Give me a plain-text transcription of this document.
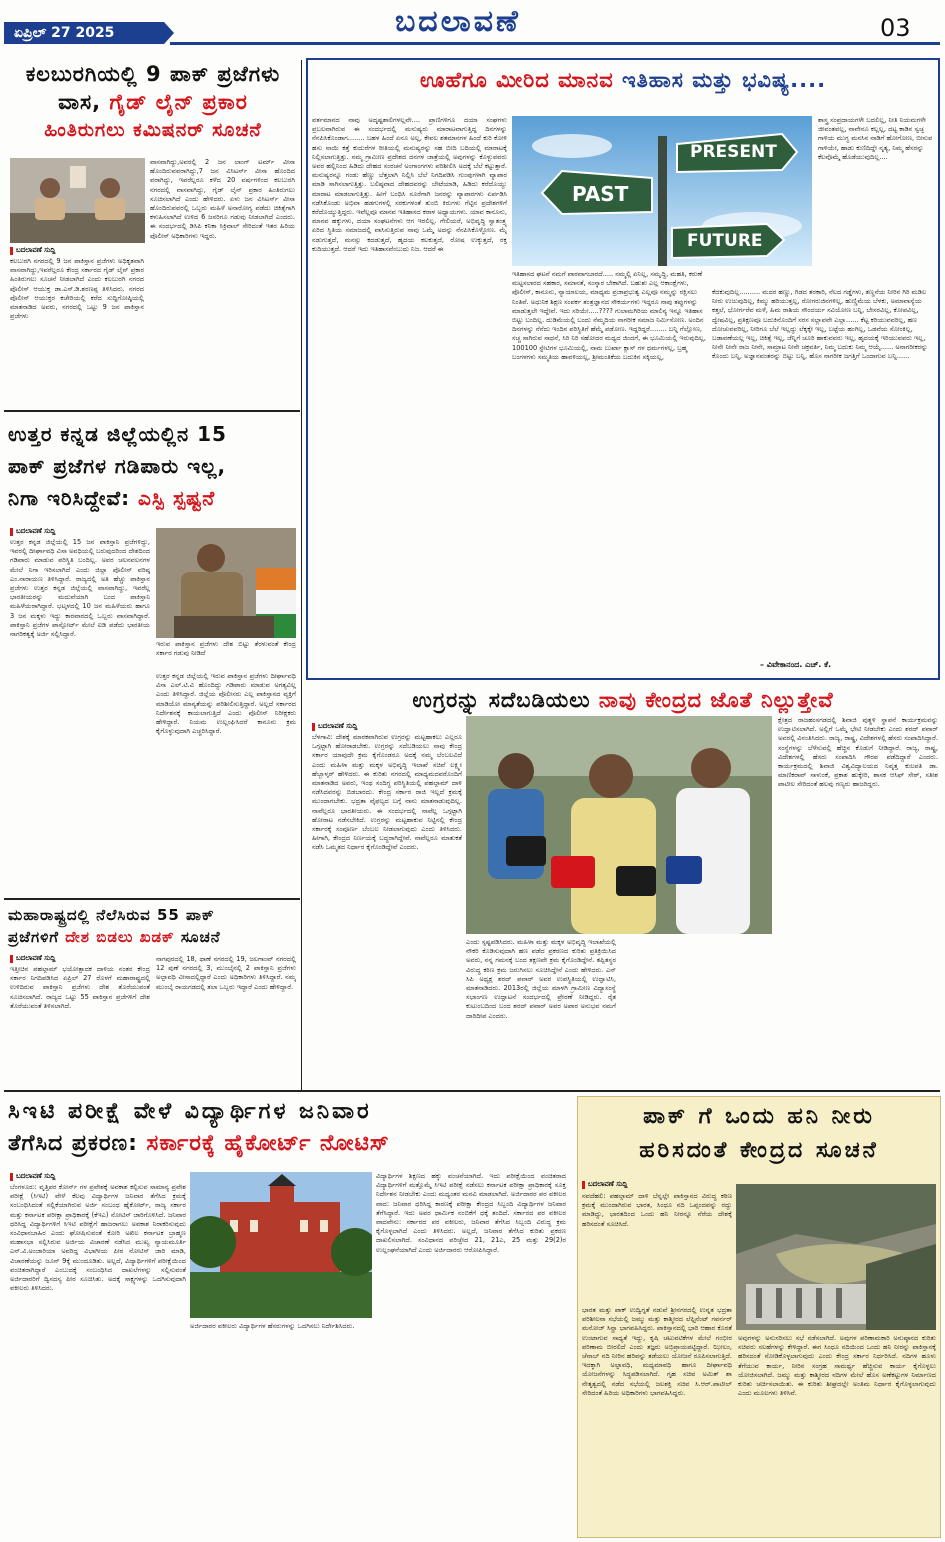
ಏಪ್ರಿಲ್ 27 2025	ಬದಲಾವಣೆ	03
ಕಲಬುರಗಿಯಲ್ಲಿ 9 ಪಾಕ್ ಪ್ರಜೆಗಳು
ವಾಸ, ಗೈಡ್ ಲೈನ್ ಪ್ರಕಾರ
ಹಿಂತಿರುಗಲು ಕಮಿಷನರ್ ಸೂಚನೆ
ವಾಸವಾಗಿದ್ದು,ಅವರಲ್ಲಿ 2 ಜನ ಲಾಂಗ್ ಟರ್ಮ್ ವೀಸಾ ಹೊಂದಿರುವವರಾಗಿದ್ದು,7 ಜನ ವಿಸಿಟರ್ಸ್ ವೀಸಾ ಹೊಂದಿದ ವರಾಗಿದ್ದು, ಇವರೆಲ್ಲರೂ ಕಳೆದ 20 ವರ್ಷಗಳಿಂದ ಕಲಬುರಗಿ ನಗರದಲ್ಲಿ ವಾಸವಾಗಿದ್ದು, ಗೈಡ್ ಲೈನ್ ಪ್ರಕಾರ ಹಿಂತಿರುಗಲು ಸೂಚಿಸಲಾಗಿದೆ ಎಂದು ಹೇಳಿದರು. ಏಳು ಜನ ವಿಸಿಟರ್ಸ್ ವೀಸಾ ಹೊಂದಿರುವವರಲ್ಲಿ ಒಬ್ಬರು ಮಹಿಳೆ ಅನಾರೋಗ್ಯ ಪಡೆದು ಚಿಕಿತ್ಸೆಗಾಗಿ ಕಳುಹಿಸಲಾಗಿದೆ ಉಳಿದ 6 ಜನರಿಗೂ ಗಡುವು ನೀಡಲಾಗಿದೆ ಎಂದರು. ಈ ಸಂದರ್ಭದಲ್ಲಿ ಡಿಸಿಪಿ ಕನಿಕಾ ಸಿಕ್ರಿವಾಲ್ ಸೇರಿದಂತೆ ಇತರ ಹಿರಿಯ ಪೊಲೀಸ್ ಅಧಿಕಾರಿಗಳು ಇದ್ದರು.
ಬದಲಾವಣೆ ಸುದ್ದಿ
ಕಲಬುರಗಿ ನಗರದಲ್ಲಿ 9 ಜನ ಪಾಕಿಸ್ತಾನ ಪ್ರಜೆಗಳು ಅಧಿಕೃತವಾಗಿ ವಾಸವಾಗಿದ್ದು,ಇವರೆಲ್ಲರೂ ಕೇಂದ್ರ ಸರ್ಕಾರದ ಗೈಡ್ ಲೈನ್ ಪ್ರಕಾರ ಹಿಂತಿರುಗಲು ಸೂಚನೆ ನೀಡಲಾಗಿದೆ ಎಂದು ಕಲಬುರಗಿ ನಗರದ ಪೊಲೀಸ್ ಆಯುಕ್ತ ಡಾ.ಎಸ್.ಡಿ.ಶರಣಪ್ಪ ತಿಳಿಸಿದರು. ನಗರದ ಪೊಲೀಸ್ ಆಯುಕ್ತರ ಕಚೇರಿಯಲ್ಲಿ ಕರೆದ ಸುದ್ದಿಗೋಷ್ಠಿಯಲ್ಲಿ ಮಾತನಾಡಿದ ಅವರು, ನಗರದಲ್ಲಿ ಒಟ್ಟು 9 ಜನ ಪಾಕಿಸ್ತಾನ ಪ್ರಜೆಗಳು
ಉತ್ತರ ಕನ್ನಡ ಜಿಲ್ಲೆಯಲ್ಲಿನ 15
ಪಾಕ್ ಪ್ರಜೆಗಳ ಗಡಿಪಾರು ಇಲ್ಲ,
ನಿಗಾ ಇರಿಸಿದ್ದೇವೆ: ಎಸ್ಪಿ ಸ್ಪಷ್ಟನೆ
ಬದಲಾವಣೆ ಸುದ್ದಿ
ಉತ್ತರ ಕನ್ನಡ ಜಿಲ್ಲೆಯಲ್ಲಿ 15 ಜನ ಪಾಕಿಸ್ತಾನಿ ಪ್ರಜೆಗಳಿದ್ದು, ಇವರಲ್ಲಿ ದೀರ್ಘಾವಧಿ ವಿಸಾ ಅವಧಿಯಲ್ಲಿ ಬರುವುದರಿಂದ ದೇಶದಿಂದ ಗಡಿಪಾರು ಮಾಡುವ ಪರಿಸ್ಥಿತಿ ಬಂದಿಲ್ಲ. ಅವರ ಚಲನವಲನಗಳ ಮೇಲೆ ನಿಗಾ ಇರಿಸಲಾಗಿದೆ ಎಂದು ಜಿಲ್ಲಾ ಪೊಲೀಸ್ ವರಿಷ್ಠ ಎಂ.ನಾರಾಯಣ ತಿಳಿಸಿದ್ದಾರೆ. ರಾಜ್ಯದಲ್ಲಿ ಅತಿ ಹೆಚ್ಚು ಪಾಕಿಸ್ತಾನ ಪ್ರಜೆಗಳು ಉತ್ತರ ಕನ್ನಡ ಜಿಲ್ಲೆಯಲ್ಲಿ ವಾಸವಾಗಿದ್ದು, ಇವರೆಲ್ಲ ಭಾರತೀಯರನ್ನು ಮದುವೆಯಾಗಿ ಬಂದ ಪಾಕಿಸ್ತಾನಿ ಮಹಿಳೆಯರಾಗಿದ್ದಾರೆ. ಭಟ್ಕಳದಲ್ಲಿ 10 ಜನ ಮಹಿಳೆಯರು ಹಾಗೂ 3 ಜನ ಮಕ್ಕಳು ಇದ್ದು ಕಾರವಾರದಲ್ಲಿ ಒಬ್ಬರು ವಾಸವಾಗಿದ್ದಾರೆ. ಪಾಕಿಸ್ತಾನಿ ಪ್ರಜೆಗಳ ಪಾಸ್ಪೋರ್ಟ್ ಮೇಲೆ ಐಡಿ ಪಡೆದು ಭಾರತೀಯ ನಾಗರಿಕತ್ವಕ್ಕೆ ಅರ್ಜಿ ಸಲ್ಲಿಸಿದ್ದಾರೆ.
ಇರುವ ಪಾಕಿಸ್ತಾನ ಪ್ರಜೆಗಳು ದೇಶ ಬಿಟ್ಟು ತೆರಳುವಂತೆ ಕೇಂದ್ರ ಸರ್ಕಾರ ಗಡುವು ನೀಡಿದೆ
ಉತ್ತರ ಕನ್ನಡ ಜಿಲ್ಲೆಯಲ್ಲಿ ಇರುವ ಪಾಕಿಸ್ತಾನ ಪ್ರಜೆಗಳು ದೀರ್ಘಾವಧಿ ವಿಸಾ ಎಲ್.ಟಿ.ವಿ ಹೊಂದಿದ್ದು ಗಡಿಪಾರು ಮಾಡುವ ಅಗತ್ಯವಿಲ್ಲ ಎಂದು ತಿಳಿಸಿದ್ದಾರೆ. ಜಿಲ್ಲೆಯ ಪೊಲೀಸರು ಎಲ್ಲ ಪಾಕಿಸ್ತಾನದ ವ್ಯಕ್ತಿಗೆ ಮಾಡಿಯೋ ಮಾನ್ಯತೆಯನ್ನು ಪರಿಶೀಲಿಸುತ್ತಿದ್ದಾರೆ. ಅಲ್ಲದೆ ಸರ್ಕಾರದ ನಿರ್ದೇಶನಕ್ಕೆ ಕಾಯಲಾಗುತ್ತಿದೆ ಎಂದು ಪೊಲೀಸ್ ನಿರೀಕ್ಷಕರು ಹೇಳಿದ್ದಾರೆ. ನಿಯಮ ಉಲ್ಲಂಘಿಸಿದರೆ ಕಾನೂನು ಕ್ರಮ ಕೈಗೊಳ್ಳುವುದಾಗಿ ಎಚ್ಚರಿಸಿದ್ದಾರೆ.
ಮಹಾರಾಷ್ಟ್ರದಲ್ಲಿ ನೆಲೆಸಿರುವ 55 ಪಾಕ್
ಪ್ರಜೆಗಳಿಗೆ ದೇಶ ಬಿಡಲು ಖಡಕ್ ಸೂಚನೆ
ಬದಲಾವಣೆ ಸುದ್ದಿ
ಇತ್ತೀಚಿನ ಪಹಲ್ಗಾಮ್ ಭಯೋತ್ಪಾದಕ ದಾಳಿಯ ನಂತರ ಕೇಂದ್ರ ಸರ್ಕಾರ ನಿಗದಿಪಡಿಸಿದ ಏಪ್ರಿಲ್ 27 ರೊಳಗೆ ಮಹಾರಾಷ್ಟ್ರದಲ್ಲಿ ಉಳಿದಿರುವ ಪಾಕಿಸ್ತಾನಿ ಪ್ರಜೆಗಳು ದೇಶ ತೊರೆಯುವಂತೆ ಸೂಚಿಸಲಾಗಿದೆ. ರಾಜ್ಯದ ಒಟ್ಟು 55 ಪಾಕಿಸ್ತಾನ ಪ್ರಜೆಗಳಿಗೆ ದೇಶ ತೊರೆಯುವಂತೆ ತಿಳಿಸಲಾಗಿದೆ.
ನಾಗಪುರದಲ್ಲಿ 18, ಥಾಣೆ ನಗರದಲ್ಲಿ 19, ಜಲಗಾಂವ್ ನಗರದಲ್ಲಿ 12 ಪುಣೆ ನಗರದಲ್ಲಿ 3, ಮುಂಬೈನಲ್ಲಿ 2 ಪಾಕಿಸ್ತಾನಿ ಪ್ರಜೆಗಳು ಅಲ್ಪಾವಧಿ ವೀಸಾದಲ್ಲಿದ್ದಾರೆ ಎಂದು ಅಧಿಕಾರಿಗಳು ತಿಳಿಸಿದ್ದಾರೆ. ನಮ್ಮ ಮುಂಬೈ ರಾಯಗಡದಲ್ಲಿ ತಲಾ ಒಬ್ಬರು ಇದ್ದಾರೆ ಎಂದು ಹೇಳಿದ್ದಾರೆ.
ಊಹೆಗೂ ಮೀರಿದ ಮಾನವ ಇತಿಹಾಸ ಮತ್ತು ಭವಿಷ್ಯ....
PRESENT
PAST
FUTURE
ವರ್ತಮಾನದ ನಾವು ಅದೃಷ್ಟಶಾಲಿಗಳಲ್ಲವೇ.... ಪ್ರಾಣಿಗಳಿಗೂ ದಯಾ ಸಂಘಗಳು ಪ್ರಬಲವಾಗಿರುವ ಈ ಸಂದರ್ಭದಲ್ಲಿ ಮನುಷ್ಯರು ಮಾರಾಟವಾಗುತ್ತಿದ್ದ ದಿನಗಳನ್ನು ನೆನಪಿಸಿಕೊಂಡಾಗ........ ಬಹಳ ಹಿಂದೆ ಏನೂ ಅಲ್ಲ, ಕೇವಲ ಶತಮಾನಗಳ ಹಿಂದೆ ಕುರಿ ಕೋಳಿ ಹಸು ನಾಯಿ ಕತ್ತೆ ಕುದುರೆಗಳ ರೀತಿಯಲ್ಲಿ ಮನುಷ್ಯರನ್ನು ಸಹ ಬೀದಿ ಬದಿಯಲ್ಲಿ ಮಾರಾಟಕ್ಕೆ ನಿಲ್ಲಿಸಲಾಗುತ್ತಿತ್ತು. ನಮ್ಮ ಗ್ರಾಮೀಣ ಪ್ರದೇಶದ ದನಗಳ ಜಾತ್ರೆಯಲ್ಲಿ ಅವುಗಳನ್ನು ಕೊಳ್ಳುವವರು ಅವರ ಹಲ್ಲಿನಿಂದ ಹಿಡಿದು ದೇಹದ ಸಂರಚನೆ ಅಂಗಾಂಗಗಳು ಪರಿಶೀಲಿಸಿ ಅದಕ್ಕೆ ಬೆಲೆ ಕಟ್ಟುತ್ತಾರೆ. ಮನುಷ್ಯರನ್ನೂ ಗಂಡು ಹೆಣ್ಣು ಬೆತ್ತಲಾಗಿ ನಿಲ್ಲಿಸಿ ಬೆಲೆ ನಿಗದಿಪಡಿಸಿ ಗುಂಪುಗಳಾಗಿ ವ್ಯಾಪಾರ ಮಾಡಿ ಸಾಗಿಸಲಾಗುತ್ತಿತ್ತು. ಬಲಿಷ್ಠವಾದ ದೇಹದವರನ್ನು ಬೇಟೆಯಾಡಿ, ಹಿಡಿದು ಕರೆದೊಯ್ದು ಮಾರಾಟ ಮಾಡಲಾಗುತ್ತಿತ್ತು. ಹೀಗೆ ಬಂಧಿಸಿ ಸೂರೆಗಾಗಿ ಜನರನ್ನು ವ್ಯಾಪಾರಗಳು ಏರ್ಪಡಿಸಿ ನಡೆಸಿಕೊಂಡು ಅಭಿವಾ ಹಡಗುಗಳಲ್ಲಿ ಸರಕುಗಳಂತೆ ತುಂಬಿ ಕಿರುಗಳು ಗೆಟ್ಟಿನ ಪ್ರದೇಶಗಳಿಗೆ ಕರೆದೊಯ್ಯುತ್ತಿದ್ದರು. ಇವೆಲ್ಲವೂ ಮಾನವ ಇತಿಹಾಸದ ಕರಾಳ ಅಧ್ಯಾಯಗಳು. ಯಾವ ಕಾನೂನು, ಮಾನವ ಹಕ್ಕುಗಳು, ದಯಾ ಸಂಘಟನೆಗಳು ಆಗ ಇರಲಿಲ್ಲ. ಗೇಲಿಯರೆ, ಅಭಿವೃದ್ಧಿ ಸ್ವಾತಂತ್ರ್ಯ ಏರಿದ ಸ್ಥಿತಿಯ ಸಮಾಜದಲ್ಲಿ ವಾಸಿಸುತ್ತಿರುವ ನಾವು ಒಮ್ಮೆ ಅದನ್ನು ನೆನಪಿಸಿಕೊಳ್ಳೋಣ. ಮೈ ನಡುಗುತ್ತದೆ, ಮನಸ್ಸು ಕದಡುತ್ತದೆ, ಹೃದಯ ಕಲಕುತ್ತದೆ, ರೋಷ ಉಕ್ಕುತ್ತದೆ, ರಕ್ತ ಕುದಿಯುತ್ತದೆ. ಆದರೆ ಇದು ಇತಿಹಾಸವೆಂಬುದು ನಿಜ. ಆದರೆ ಈ
ಇತಿಹಾಸದ ಘಟನೆ ನಮಗೆ ಪಾಠವಾಗಬಾರದೆ..... ನಮ್ಮಲ್ಲಿ ಏನಿಲ್ಲ, ಸಮೃದ್ಧಿ, ಮಹತಿ, ಕರುಣೆ ಮಟ್ಟಸಲಾರದ ಸಹಕಾರ, ಸಮಾನತೆ, ಸಂಸ್ಕಾರ ಬೇಕಾಗಿದೆ. ಬಹುಶಃ ಎಲ್ಲ ಆಕಾಂಕ್ಷೆಗಳು, ಪೊಲೀಸ್, ಕಾನೂನು, ನ್ಯಾಯಾಲಯ, ಮಾಧ್ಯಮ ಪ್ರಜಾಪ್ರಭುತ್ವ ಎಲ್ಲವೂ ನಮ್ಮನ್ನು ರಕ್ಷಿಸಲು ನಿಂತಿವೆ. ಅಧುನಿಕ ಶಿಕ್ಷಣ ಸಂಪರ್ಕ ತಂತ್ರಜ್ಞಾನದ ಸೌಕರ್ಯಗಳು ಇದ್ದರೂ ನಾವು ತಪ್ಪುಗಳನ್ನು ಮಾಡುತ್ತಲೇ ಇದ್ದೇವೆ. ಇದು ಸರಿಯೇ.....???? ಗುಲಾಮಗಿರಿಯ ಮಾಲಿನ್ಯ ಇನ್ನೂ ಇತಿಹಾಸ ಬಿಟ್ಟು ಬಂದಿಲ್ಲ. ದುಡಿಮೆಯಲ್ಲಿ ಬಂದು ನೆಮ್ಮದಿಯ ನಾಗರೀಕ ಸಮಾಜ ನಿರ್ಮಿಸೋಣ. ಅಂದಿನ ದಿನಗಳನ್ನು ನೆನೆದು ಇಂದಿನ ಪರಿಸ್ಥಿತಿಗೆ ಹೆಮ್ಮೆ ಪಡೋಣ. ಇದ್ದರಿದ್ದರೆ........ ಬನ್ನಿ ಗೆಲ್ಲೋಣ, ಸಚ್ಚ ಸಾಗಿರುವ ಸಾಧನೆ, ಸಿರಿ ನಿರಿ ಸಹೋದರ ಮಧ್ಯದ ಜಿಂದಗೆ, ಈ ಭೂಮಿಯಲ್ಲಿ ಇರುವುದಿಲ್ಲ, 100100 ಸ್ಟೇಟಿಗಳ ಭೂಮಿಯಲ್ಲಿ, ನಾಮ ಬುರ್ಖಾ ಕ್ಲಾಸ್ ಗಳ ಧರ್ಮಗಳಲ್ಲ, ಬ್ರಹ್ಮ ಬಂಗಳಗಳು ಸಮ್ಮತಿಯ ಹಾವಳಿಯಲ್ಲ, ಶ್ರೀಮಂತಿಕೆಯ ಬದುಕಿನ ಸಕ್ಕಿಯಲ್ಲ,
ಶಾಸ್ತ್ರ ಸಂಪ್ರದಾಯಗಳೇ ಬದಲಿಲ್ಲ, ನೀತಿ ನಿಯಮಗಳೇ ಜೀವಂತವಲ್ಲ, ನಾವೇನೂ ಕಲ್ಲಲ್ಲ, ದಟ್ಟ ಕಾಡಿನ ಸ್ವಚ್ಛ ಗಾಳಿಯ ಮುಗ್ಧ ಮನಸಿನ ನಾಡಿಗೆ ಹೋಗೋಣ, ಬೀಸುವ ಗಾಳಿಯೇ, ಹಾಡು ಕುಣಿದಿದ್ದೇ ನೃತ್ಯ, ನಿಮ್ಮ ಹೆಸರನ್ನು ಕೆಲವೊಮ್ಮೆ ಹೊಡೆಯುವುದಿಲ್ಲ....
ಕೆದಕುವುದಿಲ್ಲ.......... ಮದರ ಹಣ್ಣು, ಗಿಡದ ತರಕಾರಿ, ನೆಲದ ಗಡ್ಡೆಗಳು, ತಣ್ಣನೆಯ ನೀರಿನ ಗಿರಿ ಮಡಿಲ ನೀರು ಉಜುವುದಿಲ್ಲ, ಕಿಮ್ಮು ಹರಿಯುತ್ತಲ್ಲ, ರೋಗರುಜಿನಗಳಿಲ್ಲ, ಹುಣ್ಣಿಮೆಯ ಬೆಳಕು, ಅಮಾವಾಸ್ಯೆಯ ಕತ್ತಲೆ, ಭೋರ್ಗರೆವ ಮಳೆ, ಹಿಮ ರಾಶಿಯ ಸೌಂದರ್ಯ ಸವಿಯೋಣ ಬನ್ನಿ, ಬೇಸರವಿಲ್ಲ, ಕೋಪವಿಲ್ಲ, ದ್ವೇಷವಿಲ್ಲ, ಪ್ರತಿಕ್ಷಣವೂ ಬದುಕಿನೊಂದಿಗೆ ಸರಸ ಸಲ್ಲಾಪವೇ ಎಲ್ಲಾ...... ಕೆಟ್ಟ ಕರಿಯುವವರಿಲ್ಲ, ಹಣ ದೋಚುವವರಿಲ್ಲ, ನೀರಿಗೂ ಬೆಲೆ ಇಲ್ಲದ್ದು ಲೆಕ್ಕಕ್ಕೇ ಇಲ್ಲ, ಬಟ್ಟೆಯ ಹಂಗಿಲ್ಲ, ಒಡವೆಯ ಸೋಂಕಿಲ್ಲ, ಬಡಾವಣೆಯಲ್ಲ ಇಲ್ಲ, ಚಿಕಿತ್ಸೆ ಇಲ್ಲ, ಜೆನ್ನಿಗೆ ಚೂರಿ ಹಾಕುವವರು ಇಲ್ಲ, ಹೃದಯಕ್ಕೆ ಇರಿಯುವವರು ಇಲ್ಲ, ನೀನೇ ನೀನೇ ರಾಜ ನೀನೇ, ಸಾಮ್ರಾಟ ನೀನೇ ಚಕ್ರವರ್ತಿ, ನಿಮ್ಮ ಬದುಕು ನಿಮ್ಮ ಆಯ್ಕೆ...... ಅನಾಗರೀಕರನ್ನು ಕೊಂದು ಬನ್ನಿ, ಅಜ್ಞಾನವಂತರನ್ನು ಬಿಟ್ಟು ಬನ್ನಿ, ಹೊಸ ನಾಗರೀಕ ಜಗತ್ತಿಗೆ ಒಂದಾಗುವ ಬನ್ನಿ......
– ವಿವೇಕಾನಂದ. ಎಚ್. ಕೆ.
ಉಗ್ರರನ್ನು ಸದೆಬಡಿಯಲು ನಾವು ಕೇಂದ್ರದ ಜೊತೆ ನಿಲ್ಲುತ್ತೇವೆ
ಬದಲಾವಣೆ ಸುದ್ದಿ
ಬೆಳಗಾವಿ: ದೇಶಕ್ಕೆ ಮಾರಕವಾಗಿರುವ ಉಗ್ರರನ್ನು ಮಟ್ಟಹಾಕಲು ಎಲ್ಲರೂ ಒಗ್ಗಟ್ಟಾಗಿ ಹೋರಾಡಬೇಕು. ಉಗ್ರರನ್ನು ಸದೆಬಡಿಯಲು ನಾವು ಕೇಂದ್ರ ಸರ್ಕಾರ ಯಾವುದೇ ಕ್ರಮ ಕೈಗೊಂಡರೂ ಅದಕ್ಕೆ ನಮ್ಮ ಬೆಂಬಲವಿದೆ ಎಂದು ಮಹಿಳಾ ಮತ್ತು ಮಕ್ಕಳ ಅಭಿವೃದ್ಧಿ ಇಲಾಖೆ ಸಚಿವೆ ಲಕ್ಷ್ಮೀ ಹೆಬ್ಬಾಳ್ಕರ್ ಹೇಳಿದರು. ಈ ಕುರಿತು ನಗರದಲ್ಲಿ ಮಾಧ್ಯಮದವರೊಂದಿಗೆ ಮಾತನಾಡಿದ ಅವರು, ಇಂಥ ಸಂದಿಗ್ಧ ಪರಿಸ್ಥಿತಿಯಲ್ಲಿ ಪಹಲ್ಗಾಮ್ ದಾಳಿ ನಡೆಸಿದವರನ್ನು ಬಿಡಬಾರದು. ಕೇಂದ್ರ ಸರ್ಕಾರ ರಾಜಿ ಇಲ್ಲದೆ ಕ್ರಮಕ್ಕೆ ಮುಂದಾಗಬೇಕು. ಭದ್ರತಾ ವೈಫಲ್ಯದ ಬಗ್ಗೆ ನಾನು ಮಾತನಾಡುವುದಿಲ್ಲ. ನಾವೆಲ್ಲರೂ ಭಾರತೀಯರು. ಈ ಸಂದರ್ಭದಲ್ಲಿ ನಾವೆಲ್ಲ ಒಗ್ಗಟ್ಟಾಗಿ ಹೋರಾಟ ನಡೆಸಬೇಕಿದೆ. ಉಗ್ರರನ್ನು ಮಟ್ಟಹಾಕುವ ನಿಟ್ಟಿನಲ್ಲಿ ಕೇಂದ್ರ ಸರ್ಕಾರಕ್ಕೆ ಸಂಪೂರ್ಣ ಬೆಂಬಲ ನೀಡಲಾಗುವುದು ಎಂದು ತಿಳಿಸಿದರು. ಹೀಗಾಗಿ, ಕೇಂದ್ರದ ನಿರ್ಣಯಕ್ಕೆ ಬದ್ಧರಾಗಿದ್ದೇವೆ. ನಾವೆಲ್ಲರೂ ಮಾತುಕತೆ ನಡೆಸಿ ಒಮ್ಮತದ ನಿರ್ಧಾರ ಕೈಗೊಂಡಿದ್ದೇವೆ ಎಂದರು.
ಎಂದು ಸ್ಪಷ್ಟಪಡಿಸಿದರು. ಮಹಿಳಾ ಮತ್ತು ಮಕ್ಕಳ ಅಭಿವೃದ್ಧಿ ಇಲಾಖೆಯಲ್ಲಿ ನೌಕರಿ ಕೊಡಿಸುವುದಾಗಿ ಹಣ ಪಡೆದ ಪ್ರಕರಣದ ಕುರಿತು ಪ್ರತಿಕ್ರಿಯಿಸಿದ ಅವರು, ನನ್ನ ಗಮನಕ್ಕೆ ಬಂದ ತಕ್ಷಣವೇ ಕ್ರಮ ಕೈಗೊಂಡಿದ್ದೇನೆ. ತಪ್ಪಿತಸ್ಥರ ವಿರುದ್ಧ ಕಠಿಣ ಕ್ರಮ ಜರುಗಿಸಲು ಸೂಚಿಸಿದ್ದೇನೆ ಎಂದು ಹೇಳಿದರು. ಎನ್ ಸಿಪಿ ಅಧ್ಯಕ್ಷ ಶರದ್ ಪವಾರ್ ಅವರ ಉಪಸ್ಥಿತಿಯಲ್ಲಿ ಉದ್ಘಾಟಿಸಿ, ಮಾತನಾಡಿದರು. 2013ರಲ್ಲಿ ಜಿಲ್ಲೆಯ ಮಾಳಗಿ ಗ್ರಾಮೀಣ ವಿದ್ಯಾಸಂಸ್ಥೆ ಸಭಾಂಗಣ ಉದ್ಘಾಟನೆ ಸಂದರ್ಭದಲ್ಲಿ ಪ್ರೇರಣೆ ನೀಡಿದ್ದರು. ರೈತ ಕುಟುಂಬದಿಂದ ಬಂದ ಶರದ್ ಪವಾರ್ ಅವರ ಅಪಾರ ಅನುಭವ ನಮಗೆ ದಾರಿದೀಪ ಎಂದರು.
ಕ್ಷೇತ್ರದ ರಾಜಹಂಸಗಡದಲ್ಲಿ ಶಿವಾಜಿ ಪುತ್ಥಳಿ ಸ್ಥಾಪನೆ ಕಾರ್ಯಕ್ರಮವನ್ನು ಉದ್ಘಾಟಿಸಲಾಗಿದೆ. ಅಲ್ಲಿಗೆ ಒಮ್ಮೆ ಭೇಟಿ ನೀಡಬೇಕು ಎಂದು ಶರದ್ ಪವಾರ್ ಅವರಲ್ಲಿ ವಿನಂತಿಸಿದರು. ರಾಜ್ಯ, ರಾಷ್ಟ್ರ, ವಿದೇಶಗಳಲ್ಲಿ ಹೆಸರು ಸಂಪಾದಿಸಿದ್ದಾರೆ. ಸಂಸ್ಥೆಗಳನ್ನು ಬೆಳೆಸುವಲ್ಲಿ ಹೆಚ್ಚಿನ ಕೊಡುಗೆ ನೀಡಿದ್ದಾರೆ. ರಾಜ್ಯ, ರಾಷ್ಟ್ರ, ವಿದೇಶಗಳಲ್ಲಿ ಹೆಸರು ಸಂಪಾದಿಸಿ ಗೌರವ ಪಡೆದಿದ್ದಾರೆ ಎಂದರು. ಕಾರ್ಯಕ್ರಮದಲ್ಲಿ ಶಿವಾಜಿ ವಿಶ್ವವಿದ್ಯಾಲಯದ ನಿವೃತ್ತ ಕುಲಪತಿ ಡಾ. ಮಾಣಿಕರಾವ್ ಸಾಳುಂಕೆ, ಪ್ರಕಾಶ ಹುಕ್ಕೇರಿ, ಶಾಸಕ ಆಸಿಫ್ ಸೇಠ್, ಸತೀಶ ಪಾಟೀಲ ಸೇರಿದಂತೆ ಹಲವು ಗಣ್ಯರು ಹಾಜರಿದ್ದರು.
ಸಿಇಟಿ ಪರೀಕ್ಷೆ ವೇಳೆ ವಿದ್ಯಾರ್ಥಿಗಳ ಜನಿವಾರ
ತೆಗೆಸಿದ ಪ್ರಕರಣ: ಸರ್ಕಾರಕ್ಕೆ ಹೈಕೋರ್ಟ್ ನೋಟಿಸ್
ಬದಲಾವಣೆ ಸುದ್ದಿ
ಬೆಂಗಳೂರು: ವೃತ್ತಿಪರ ಕೋರ್ಸ್ ಗಳ ಪ್ರವೇಶಕ್ಕೆ ಅವಕಾಶ ಕಲ್ಪಿಸುವ ಸಾಮಾನ್ಯ ಪ್ರವೇಶ ಪರೀಕ್ಷೆ (ಸಿಇಟಿ) ವೇಳೆ ಕೆಲವು ವಿದ್ಯಾರ್ಥಿಗಳ ಜನಿವಾರ ತೆಗೆಸಿದ ಕ್ರಮಕ್ಕೆ ಸಂಬಂಧಿಸಿದಂತೆ ಸಲ್ಲಿಕೆಯಾಗಿರುವ ಅರ್ಜಿ ಸಂಬಂಧ ಹೈಕೋರ್ಟ್, ರಾಜ್ಯ ಸರ್ಕಾರ ಮತ್ತು ಕರ್ನಾಟಕ ಪರೀಕ್ಷಾ ಪ್ರಾಧಿಕಾರಕ್ಕೆ (ಕೆಇಎ) ನೋಟಿಸ್ ಜಾರಿಗೊಳಿಸಿದೆ. ಜನಿವಾರ ಧರಿಸಿದ್ದ ವಿದ್ಯಾರ್ಥಿಗಳಿಗೆ ಸಿಇಟಿ ಪರೀಕ್ಷೆಗೆ ಹಾಜರಾಗಲು ಅವಕಾಶ ನಿರಾಕರಿಸುವುದು ಸಂವಿಧಾನಬಾಹಿರ ಎಂದು ಘೋಷಿಸುವಂತೆ ಕೋರಿ ಅಖಿಲ ಕರ್ನಾಟಕ ಬ್ರಾಹ್ಮಣ ಮಹಾಸಭಾ ಸಲ್ಲಿಸಿರುವ ಅರ್ಜಿಯ ವಿಚಾರಣೆ ನಡೆಸಿದ ಮುಖ್ಯ ನ್ಯಾಯಮೂರ್ತಿ ಎನ್.ವಿ.ಅಂಜಾರಿಯಾ ಅವರಿದ್ದ ವಿಭಾಗೀಯ ಪೀಠ ನೋಟಿಸ್ ಜಾರಿ ಮಾಡಿ, ವಿಚಾರಣೆಯನ್ನು ಜೂನ್ 9ಕ್ಕೆ ಮುಂದೂಡಿತು. ಅಲ್ಲದೆ, ವಿದ್ಯಾರ್ಥಿಗಳಿಗೆ ಪರೀಕ್ಷೆಯಿಂದ ವಂಚಿತರಾಗಿದ್ದಾರೆ ಎಂಬುದಕ್ಕೆ ಸಂಬಂಧಿಸಿದ ದಾಖಲೆಗಳನ್ನು ಸಲ್ಲಿಸುವಂತೆ ಅರ್ಜಿದಾರರಿಗೆ ದ್ವಿಸದಸ್ಯ ಪೀಠ ಸೂಚಿಸಿತು. ಅದಕ್ಕೆ ಸಾಕ್ಷ್ಯಗಳನ್ನು ಒದಗಿಸುವುದಾಗಿ ವಕೀಲರು ತಿಳಿಸಿದರು.
ಅರ್ಜಿದಾರರ ವಕೀಲರು ವಿದ್ಯಾರ್ಥಿಗಳ ಹೆಸರುಗಳನ್ನು ಒದಗಿಸಲು ನಿರ್ದೇಶಿಸಿದರು.
ವಿದ್ಯಾರ್ಥಿಗಳ ಶಿಕ್ಷಣದ ಹಕ್ಕು ವಂಚನೆಯಾಗಿದೆ. ಇದು ಪರೀಕ್ಷೆಯಿಂದ ವಂಚಿತರಾದ ವಿದ್ಯಾರ್ಥಿಗಳಿಗೆ ಮತ್ತೊಮ್ಮೆ ಸಿಇಟಿ ಪರೀಕ್ಷೆ ನಡೆಸಲು ಕರ್ನಾಟಕ ಪರೀಕ್ಷಾ ಪ್ರಾಧಿಕಾರಕ್ಕೆ ಸೂಕ್ತ ನಿರ್ದೇಶನ ನೀಡಬೇಕು ಎಂದು ಮಧ್ಯಂತರ ಮನವಿ ಮಾಡಲಾಗಿದೆ. ಅರ್ಜಿದಾರರ ಪರ ವಕೀಲರ ವಾದ: ಜನಿವಾರ ಧರಿಸಿದ್ದ ಕಾರಣಕ್ಕೆ ಪರೀಕ್ಷಾ ಕೇಂದ್ರದ ಸಿಬ್ಬಂದಿ ವಿದ್ಯಾರ್ಥಿಗಳ ಜನಿವಾರ ತೆಗೆಸಿದ್ದಾರೆ. ಇದು ಅವರ ಧಾರ್ಮಿಕ ನಂಬಿಕೆಗೆ ಧಕ್ಕೆ ತಂದಿದೆ. ಸರ್ಕಾರದ ಪರ ವಕೀಲರ ವಾದವೇನು: ಸರ್ಕಾರದ ಪರ ವಕೀಲರು, ಜನಿವಾರ ತೆಗೆಸಿದ ಸಿಬ್ಬಂದಿ ವಿರುದ್ಧ ಕ್ರಮ ಕೈಗೊಳ್ಳಲಾಗಿದೆ ಎಂದು ತಿಳಿಸಿದರು. ಅಲ್ಲದೆ, ಜನಿವಾರ ತೆಗೆಸಿದ ಕುರಿತು ಪ್ರಕರಣ ದಾಖಲಿಸಲಾಗಿದೆ. ಸಂವಿಧಾನದ ಪರಿಚ್ಛೇದ 21, 21ಎ, 25 ಮತ್ತು 29(2)ರ ಉಲ್ಲಂಘನೆಯಾಗಿದೆ ಎಂದು ಅರ್ಜಿದಾರರು ಆರೋಪಿಸಿದ್ದಾರೆ.
ಪಾಕ್ ಗೆ ಒಂದು ಹನಿ ನೀರು
ಹರಿಸದಂತೆ ಕೇಂದ್ರದ ಸೂಚನೆ
ಬದಲಾವಣೆ ಸುದ್ದಿ
ನವದೆಹಲಿ: ಪಹಲ್ಗಾಮ್ ದಾಳಿ ಬೆನ್ನಲ್ಲೇ ಪಾಕಿಸ್ತಾನದ ವಿರುದ್ಧ ಕಠಿಣ ಕ್ರಮಕ್ಕೆ ಮುಂದಾಗಿರುವ ಭಾರತ, ಸಿಂಧೂ ನದಿ ಒಪ್ಪಂದವನ್ನು ರದ್ದು ಮಾಡಿದ್ದು, ಭಾರತದಿಂದ ಒಂದು ಹನಿ ನೀರನ್ನೂ ನೆರೆಯ ದೇಶಕ್ಕೆ ಹರಿಸದಂತೆ ಸೂಚಿಸಿದೆ.
ಭಾರತ ಮತ್ತು ಪಾಕ್ ಉದ್ವಿಗ್ನತೆ ನಡುವೆ ಶ್ರೀನಗರದಲ್ಲಿ ಉನ್ನತ ಭದ್ರತಾ ಪರಿಶೀಲನಾ ಸಭೆಯಲ್ಲಿ ಜಮ್ಮು ಮತ್ತು ಕಾಶ್ಮೀರದ ಲೆಫ್ಟಿನೆಂಟ್ ಗವರ್ನರ್ ಮನೋಜ್ ಸಿನ್ಹಾ ಭಾಗವಹಿಸಿದ್ದರು. ಪಾಕಿಸ್ತಾನದಲ್ಲಿ ಭಾರಿ ಆಹಾರ ಕೊರತೆ ಉಂಟಾಗುವ ಸಾಧ್ಯತೆ ಇದ್ದು, ಕೃಷಿ ಚಟುವಟಿಕೆಗಳ ಮೇಲೆ ಗಂಭೀರ ಪರಿಣಾಮ ಬೀರಲಿದೆ ಎಂದು ತಜ್ಞರು ಅಭಿಪ್ರಾಯಪಟ್ಟಿದ್ದಾರೆ. ಝೀಲಂ, ಚೆನಾಬ್ ನದಿ ನೀರಿನ ಹರಿವನ್ನು ತಡೆಯಲು ಯೋಜನೆ ರೂಪಿಸಲಾಗುತ್ತಿದೆ. ಇದಕ್ಕಾಗಿ ಅಲ್ಪಾವಧಿ, ಮಧ್ಯಮಾವಧಿ ಹಾಗೂ ದೀರ್ಘಾವಧಿ ಯೋಜನೆಗಳನ್ನು ಸಿದ್ಧಪಡಿಸಲಾಗಿದೆ. ಗೃಹ ಸಚಿವ ಅಮಿತ್ ಶಾ ನೇತೃತ್ವದಲ್ಲಿ ನಡೆದ ಸಭೆಯಲ್ಲಿ ಜಲಶಕ್ತಿ ಸಚಿವ ಸಿ.ಆರ್.ಪಾಟೀಲ್ ಸೇರಿದಂತೆ ಹಿರಿಯ ಅಧಿಕಾರಿಗಳು ಭಾಗವಹಿಸಿದ್ದರು.
ಅವುಗಳನ್ನು ಅನುಸರಿಸಲು ಸಭೆ ನಡೆಸಲಾಗಿದೆ. ಅವುಗಳ ಪರಿಣಾಮಕಾರಿ ಅನುಷ್ಠಾನದ ಕುರಿತು ಸಚಿವರು ಸಲಹೆಗಳನ್ನು ಕೇಳಿದ್ದಾರೆ. ಈಗ ಸಿಂಧೂ ನದಿಯಿಂದ ಒಂದು ಹನಿ ನೀರನ್ನು ಪಾಕಿಸ್ತಾನಕ್ಕೆ ಹರಿಸದಂತೆ ನೋಡಿಕೊಳ್ಳಲಾಗುವುದು ಎಂದು ಕೇಂದ್ರ ಸರ್ಕಾರ ನಿರ್ಧರಿಸಿದೆ. ನದಿಗಳ ಹೂಳು ತೆಗೆಯುವ ಕಾರ್ಯ, ನೀರಿನ ಸಂಗ್ರಹ ಸಾಮರ್ಥ್ಯ ಹೆಚ್ಚಿಸುವ ಕಾರ್ಯ ಕೈಗೊಳ್ಳಲು ಯೋಜಿಸಲಾಗಿದೆ. ಜಮ್ಮು ಮತ್ತು ಕಾಶ್ಮೀರದ ನದಿಗಳ ಮೇಲೆ ಹೊಸ ಅಣೆಕಟ್ಟುಗಳ ನಿರ್ಮಾಣದ ಕುರಿತು ಚರ್ಚಿಸಲಾಯಿತು. ಈ ಕುರಿತು ಶೀಘ್ರದಲ್ಲೇ ಅಂತಿಮ ನಿರ್ಧಾರ ಕೈಗೊಳ್ಳಲಾಗುವುದು ಎಂದು ಮೂಲಗಳು ತಿಳಿಸಿವೆ.
